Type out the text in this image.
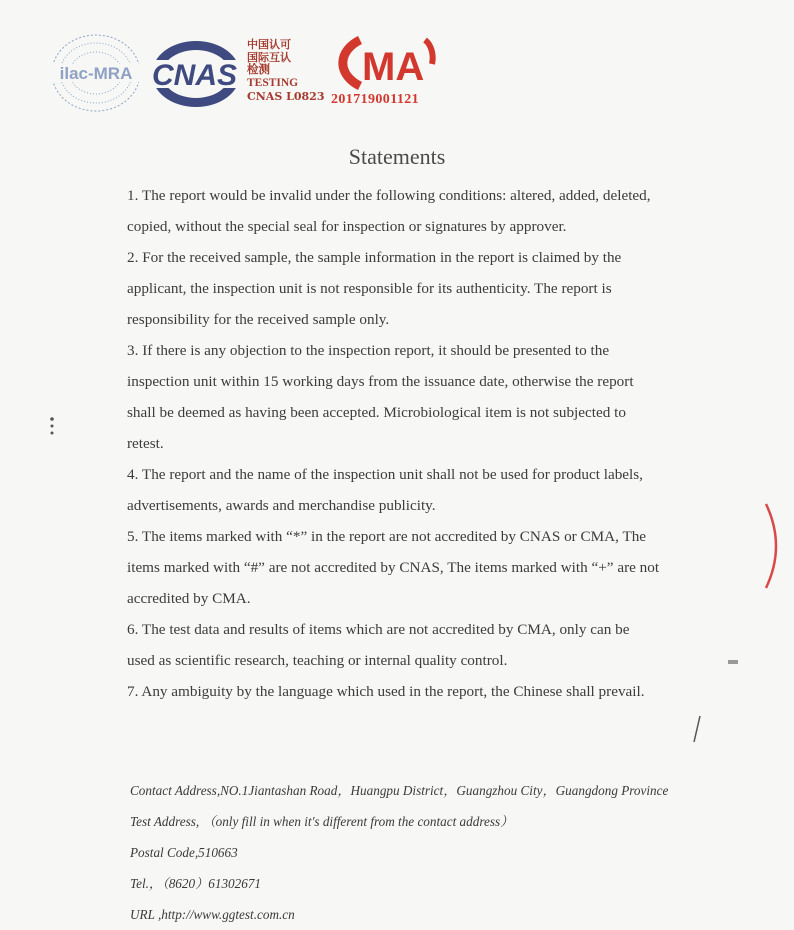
ilac-MRA CNAS
中国认可
国际互认
检测
TESTING
CNAS L0823
MA
201719001121
Statements

1. The report would be invalid under the following conditions: altered, added, deleted,

copied, without the special seal for inspection or signatures by approver.

2. For the received sample, the sample information in the report is claimed by the

applicant, the inspection unit is not responsible for its authenticity. The report is

responsibility for the received sample only.

3. If there is any objection to the inspection report, it should be presented to the

inspection unit within 15 working days from the issuance date, otherwise the report

shall be deemed as having been accepted. Microbiological item is not subjected to

retest.

4. The report and the name of the inspection unit shall not be used for product labels,

advertisements, awards and merchandise publicity.

5. The items marked with “*” in the report are not accredited by CNAS or CMA, The

items marked with “#” are not accredited by CNAS, The items marked with “+” are not

accredited by CMA.

6. The test data and results of items which are not accredited by CMA, only can be

used as scientific research, teaching or internal quality control.

7. Any ambiguity by the language which used in the report, the Chinese shall prevail.

Contact Address,NO.1Jiantashan Road，Huangpu District，Guangzhou City，Guangdong Province
Test Address, （only fill in when it's different from the contact address）
Postal Code,510663
Tel.，（8620）61302671
URL ,http://www.ggtest.com.cn
